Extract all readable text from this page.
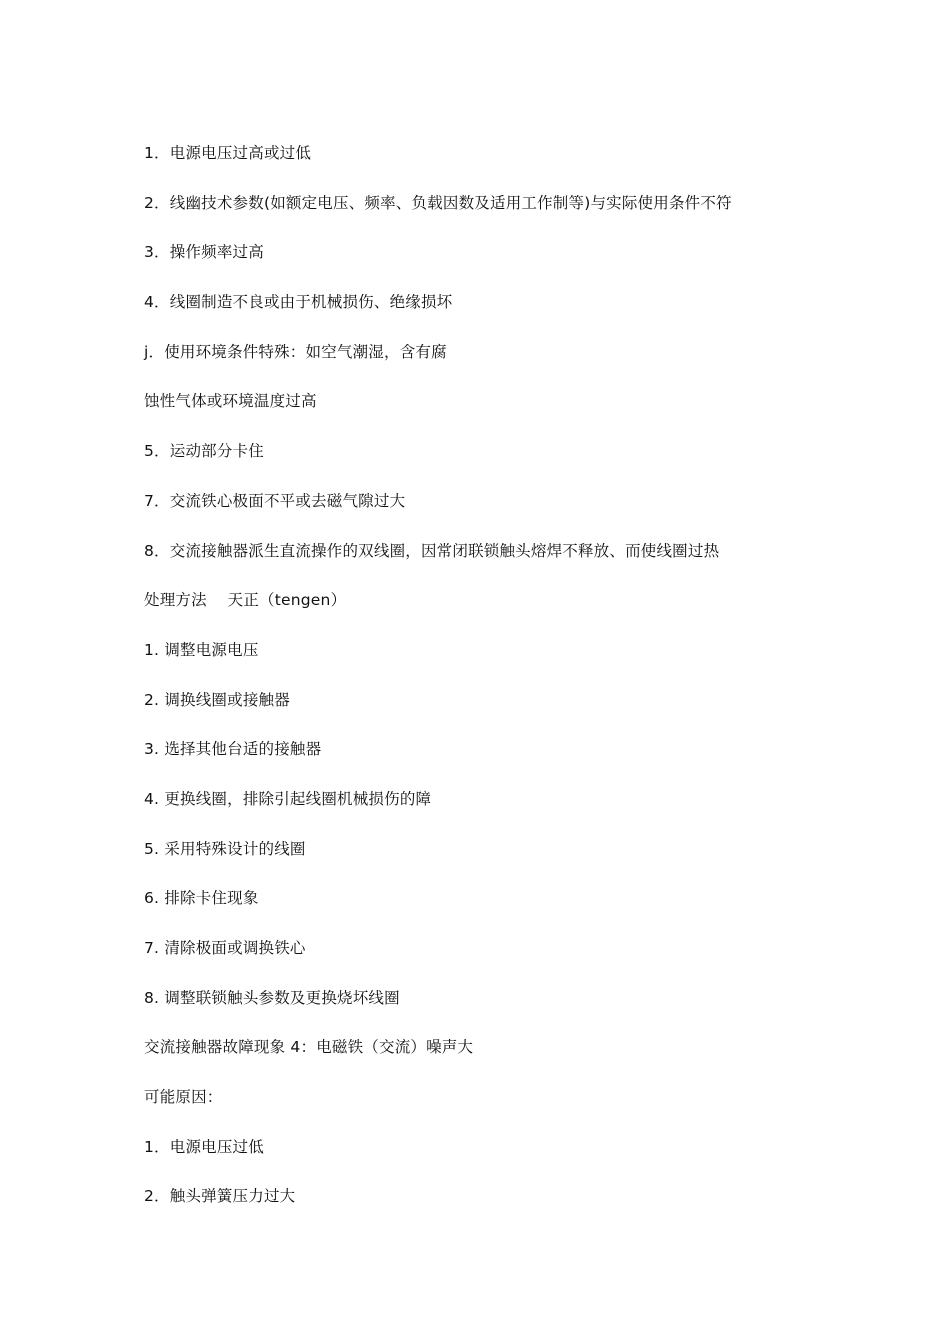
1．电源电压过高或过低
2．线幽技术参数(如额定电压、频率、负载因数及适用工作制等)与实际使用条件不符
3．操作频率过高
4．线圈制造不良或由于机械损伤、绝缘损坏
j．使用环境条件特殊：如空气潮湿，含有腐
蚀性气体或环境温度过高
5．运动部分卡住
7．交流铁心极面不平或去磁气隙过大
8．交流接触器派生直流操作的双线圈，因常闭联锁触头熔焊不释放、而使线圈过热
处理方法　 天正（tengen）
1. 调整电源电压
2. 调换线圈或接触器
3. 选择其他台适的接触器
4. 更换线圈，排除引起线圈机械损伤的障
5. 采用特殊设计的线圈
6. 排除卡住现象
7. 清除极面或调换铁心
8. 调整联锁触头参数及更换烧坏线圈
交流接触器故障现象 4：电磁铁（交流）噪声大
可能原因：
1．电源电压过低
2．触头弹簧压力过大
